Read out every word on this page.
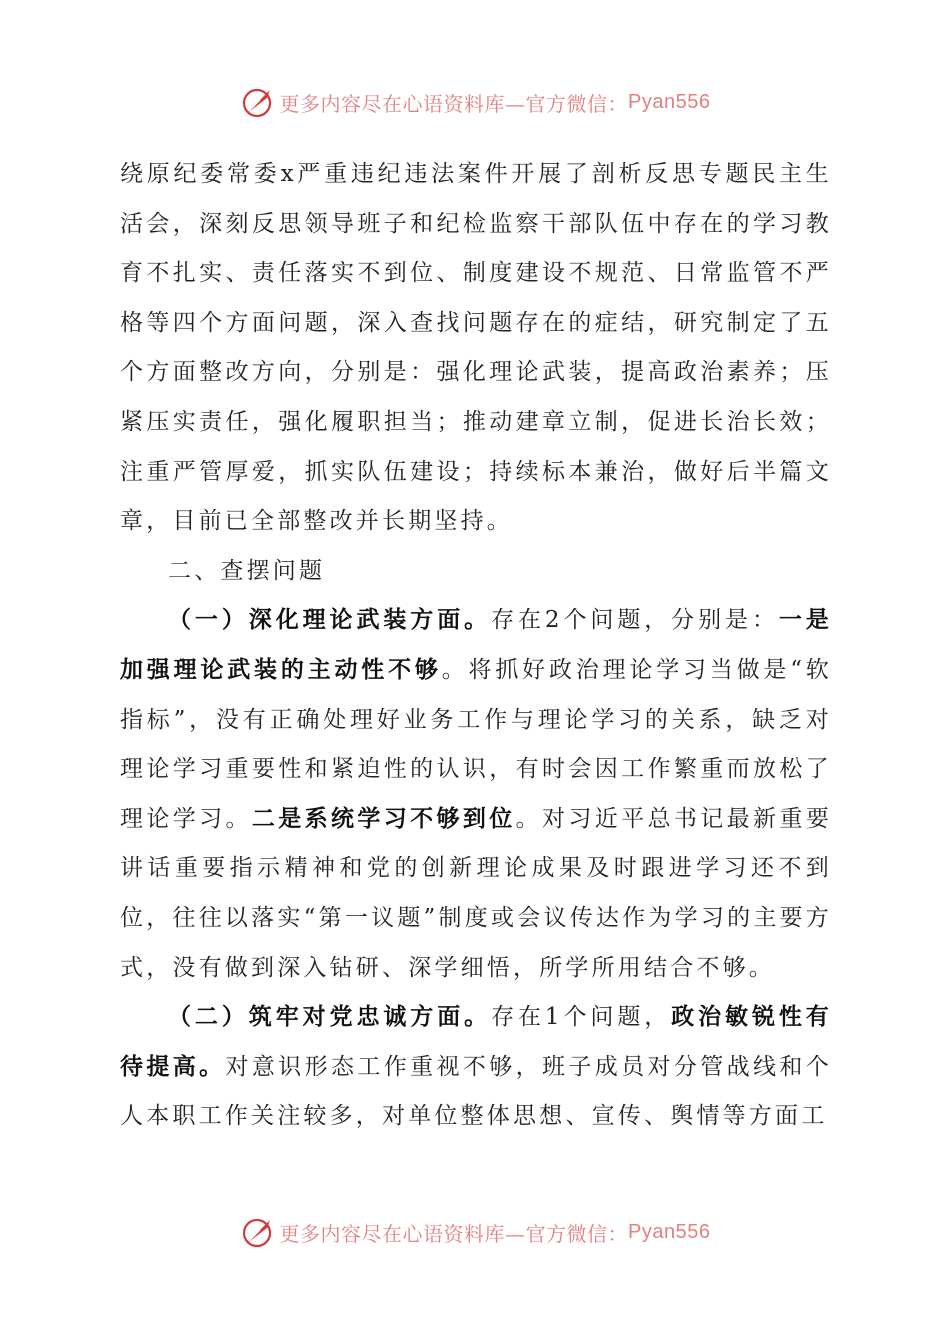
更多内容尽在心语资料库—官方微信： Pyan556

绕原纪委常委x严重违纪违法案件开展了剖析反思专题民主生活会，深刻反思领导班子和纪检监察干部队伍中存在的学习教育不扎实、责任落实不到位、制度建设不规范、日常监管不严格等四个方面问题，深入查找问题存在的症结，研究制定了五个方面整改方向，分别是：强化理论武装，提高政治素养；压紧压实责任，强化履职担当；推动建章立制，促进长治长效；注重严管厚爱，抓实队伍建设；持续标本兼治，做好后半篇文章，目前已全部整改并长期坚持。

二、查摆问题

（一）深化理论武装方面。存在2个问题，分别是：一是加强理论武装的主动性不够。将抓好政治理论学习当做是“软指标”，没有正确处理好业务工作与理论学习的关系，缺乏对理论学习重要性和紧迫性的认识，有时会因工作繁重而放松了理论学习。二是系统学习不够到位。对习近平总书记最新重要讲话重要指示精神和党的创新理论成果及时跟进学习还不到位，往往以落实“第一议题”制度或会议传达作为学习的主要方式，没有做到深入钻研、深学细悟，所学所用结合不够。

（二）筑牢对党忠诚方面。存在1个问题，政治敏锐性有待提高。对意识形态工作重视不够，班子成员对分管战线和个人本职工作关注较多，对单位整体思想、宣传、舆情等方面工

更多内容尽在心语资料库—官方微信： Pyan556
